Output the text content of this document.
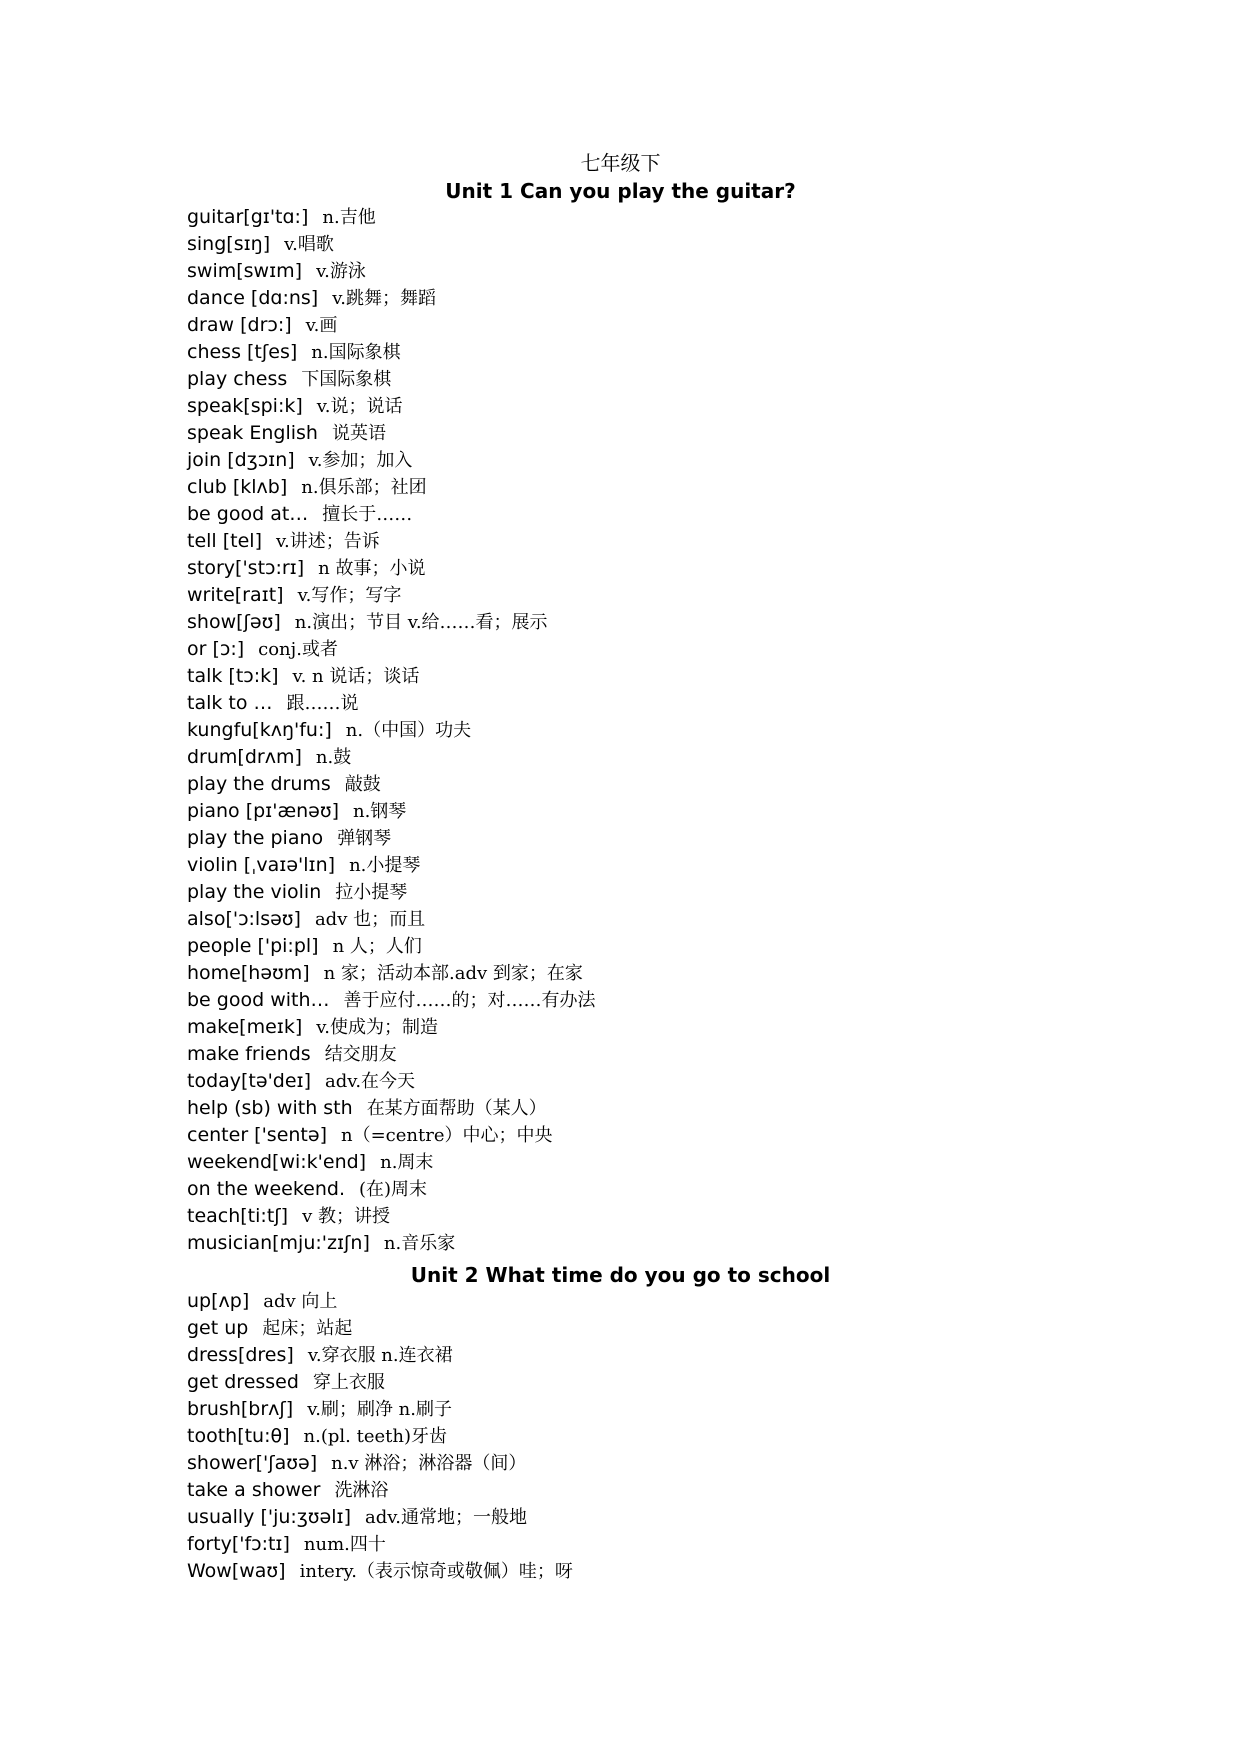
七年级下
Unit 1 Can you play the guitar?
guitar[gɪ'tɑ:] n.吉他
sing[sɪŋ] v.唱歌
swim[swɪm] v.游泳
dance [dɑ:ns] v.跳舞；舞蹈
draw [drɔ:] v.画
chess [tʃes] n.国际象棋
play chess 下国际象棋
speak[spi:k] v.说；说话
speak English 说英语
join [dʒɔɪn] v.参加；加入
club [klʌb] n.俱乐部；社团
be good at… 擅长于……
tell [tel] v.讲述；告诉
story['stɔ:rɪ] n 故事；小说
write[raɪt] v.写作；写字
show[ʃəʊ] n.演出；节目 v.给……看；展示
or [ɔ:] conj.或者
talk [tɔ:k] v. n 说话；谈话
talk to … 跟……说
kungfu[kʌŋ'fu:] n.（中国）功夫
drum[drʌm] n.鼓
play the drums 敲鼓
piano [pɪ'ænəʊ] n.钢琴
play the piano 弹钢琴
violin [ˌvaɪə'lɪn] n.小提琴
play the violin 拉小提琴
also['ɔ:lsəʊ] adv 也；而且
people ['pi:pl] n 人；人们
home[həʊm] n 家；活动本部.adv 到家；在家
be good with… 善于应付……的；对……有办法
make[meɪk] v.使成为；制造
make friends 结交朋友
today[tə'deɪ] adv.在今天
help (sb) with sth 在某方面帮助（某人）
center ['sentə] n（=centre）中心；中央
weekend[wi:k'end] n.周末
on the weekend. (在)周末
teach[ti:tʃ] v 教；讲授
musician[mju:'zɪʃn] n.音乐家
Unit 2 What time do you go to school
up[ʌp] adv 向上
get up 起床；站起
dress[dres] v.穿衣服 n.连衣裙
get dressed 穿上衣服
brush[brʌʃ] v.刷；刷净 n.刷子
tooth[tu:θ] n.(pl. teeth)牙齿
shower['ʃaʊə] n.v 淋浴；淋浴器（间）
take a shower 洗淋浴
usually ['ju:ʒʊəlɪ] adv.通常地；一般地
forty['fɔ:tɪ] num.四十
Wow[waʊ] intery.（表示惊奇或敬佩）哇；呀
